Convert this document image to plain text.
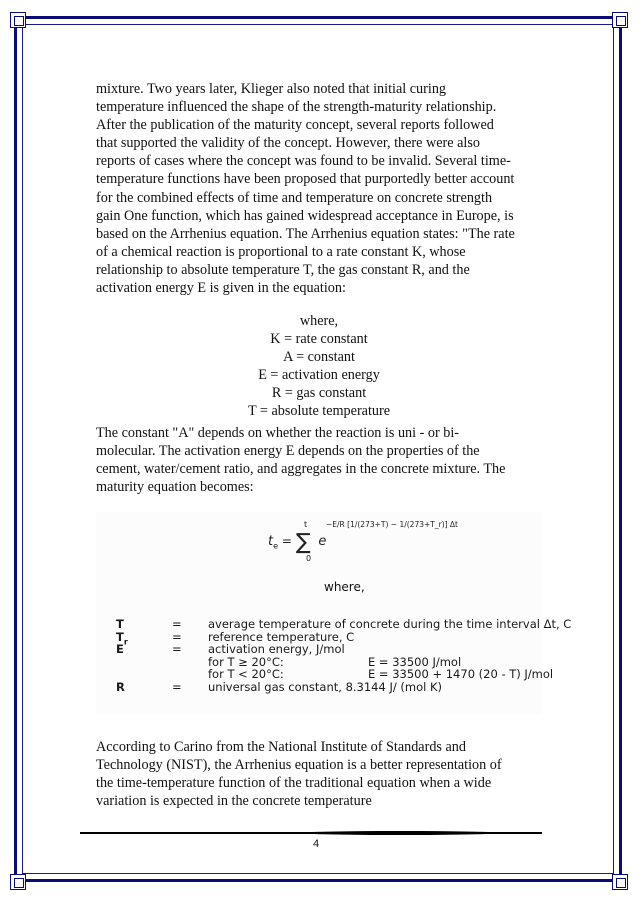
mixture. Two years later, Klieger also noted that initial curing
temperature influenced the shape of the strength-maturity relationship.
After the publication of the maturity concept, several reports followed
that supported the validity of the concept. However, there were also
reports of cases where the concept was found to be invalid. Several time-
temperature functions have been proposed that purportedly better account
for the combined effects of time and temperature on concrete strength
gain One function, which has gained widespread acceptance in Europe, is
based on the Arrhenius equation. The Arrhenius equation states: "The rate
of a chemical reaction is proportional to a rate constant K, whose
relationship to absolute temperature T, the gas constant R, and the
activation energy E is given in the equation:
where,
K = rate constant
A = constant
E = activation energy
R = gas constant
T = absolute temperature
The constant "A" depends on whether the reaction is uni - or bi-
molecular. The activation energy E depends on the properties of the
cement, water/cement ratio, and aggregates in the concrete mixture. The
maturity equation becomes:
$t_e$ = ∑
t
0
e
−E/R [1/(273+T) − 1/(273+T_r)] Δt
where,
T	= average temperature of concrete during the time interval Δt, C
$T_r$	= reference temperature, C
E	= activation energy, J/mol
for T ≥ 20°C:	E = 33500 J/mol
for T < 20°C:	E = 33500 + 1470 (20 - T) J/mol
R	= universal gas constant, 8.3144 J/ (mol K)
According to Carino from the National Institute of Standards and
Technology (NIST), the Arrhenius equation is a better representation of
the time-temperature function of the traditional equation when a wide
variation is expected in the concrete temperature
4
